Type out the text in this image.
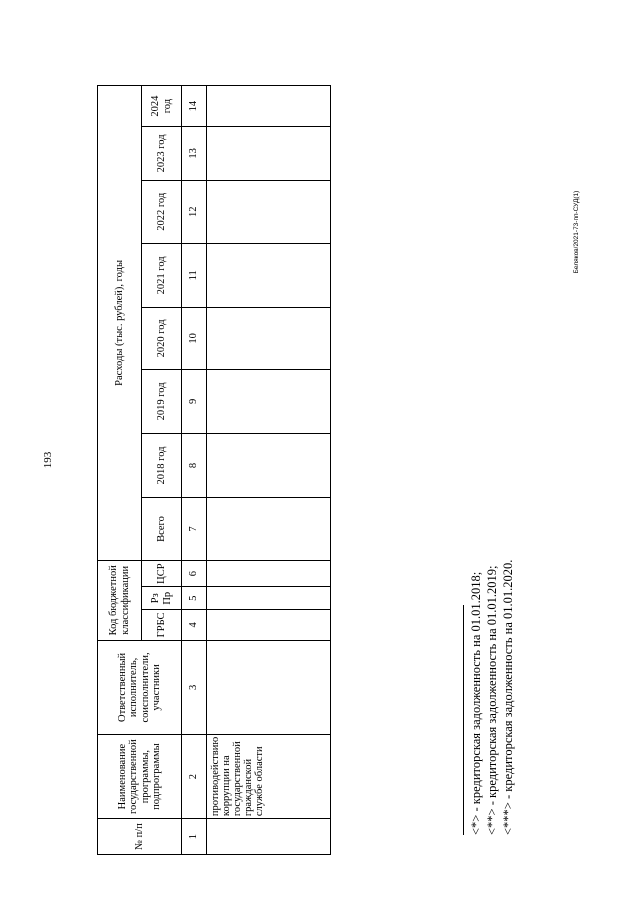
193
Беляков/2021-73-пп-СУД(1)
№ п/п	Наименование государственной программы, подпрограммы	Ответственный исполнитель, соисполнители, участники	Код бюджетной классификации			Расходы (тыс. рублей), годы							
			ГРБС	Рз Пр	ЦСР	Всего	2018 год	2019 год	2020 год	2021 год	2022 год	2023 год	2024 год
1	2	3	4	5	6	7	8	9	10	11	12	13	14
	противодействию коррупции на государственной гражданской службе области													<*> - кредиторская задолженность на 01.01.2018; <**> - кредиторская задолженность на 01.01.2019; <***> - кредиторская задолженность на 01.01.2020.
